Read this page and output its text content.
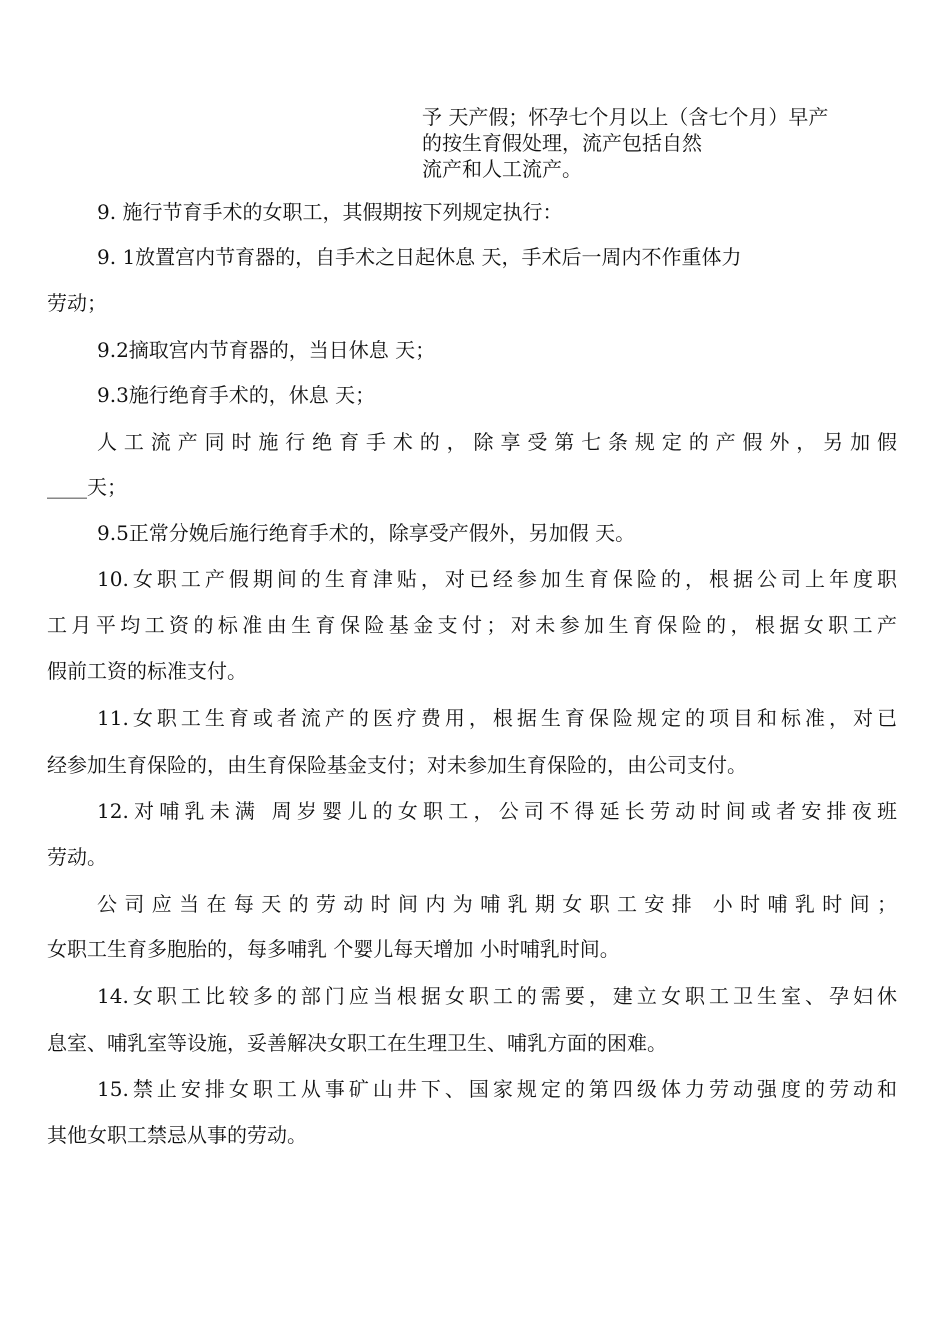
予 天产假；怀孕七个月以上（含七个月）早产
的按生育假处理，流产包括自然
流产和人工流产。
9. 施行节育手术的女职工，其假期按下列规定执行：
9. 1放置宫内节育器的，自手术之日起休息 天，手术后一周内不作重体力
劳动；
9.2摘取宫内节育器的，当日休息 天；
9.3施行绝育手术的，休息 天；
人工流产同时施行绝育手术的，除享受第七条规定的产假外，另加假
____天；
9.5正常分娩后施行绝育手术的，除享受产假外，另加假 天。
10.女职工产假期间的生育津贴，对已经参加生育保险的，根据公司上年度职
工月平均工资的标准由生育保险基金支付；对未参加生育保险的，根据女职工产
假前工资的标准支付。
11.女职工生育或者流产的医疗费用，根据生育保险规定的项目和标准，对已
经参加生育保险的，由生育保险基金支付；对未参加生育保险的，由公司支付。
12.对哺乳未满 周岁婴儿的女职工，公司不得延长劳动时间或者安排夜班
劳动。
公司应当在每天的劳动时间内为哺乳期女职工安排 小时哺乳时间；
女职工生育多胞胎的，每多哺乳 个婴儿每天增加 小时哺乳时间。
14.女职工比较多的部门应当根据女职工的需要，建立女职工卫生室、孕妇休
息室、哺乳室等设施，妥善解决女职工在生理卫生、哺乳方面的困难。
15.禁止安排女职工从事矿山井下、国家规定的第四级体力劳动强度的劳动和
其他女职工禁忌从事的劳动。
